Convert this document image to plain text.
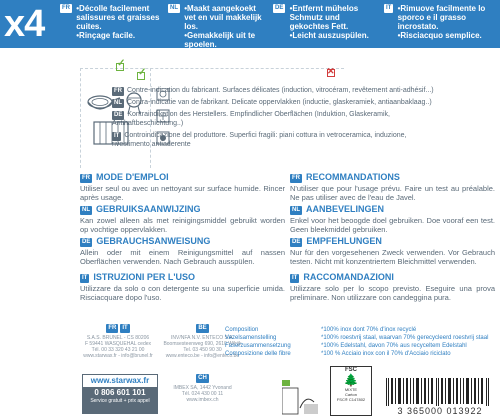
x4	FR	• Décolle facilement salissures et graisses cuites.
• Rinçage facile.
NL	• Maakt aangekoekt vet en vuil makkelijk los.
• Gemakkelijk uit te spoelen.
DE	• Entfernt mühelos Schmutz und gekochtes Fett.
• Leicht auszuspülen.
IT	• Rimuove facilmente lo sporco e il grasso incrostato.
• Risciacquo semplice.
✓
✓	✕
FR Contre-indication du fabricant. Surfaces délicates (induction, vitrocéram, revêtement anti-adhésif...)
NL Contra-indicatie van de fabrikant. Delicate oppervlakken (inductie, glaskeramiek, antiaanbaklaag..)
DE Kontraindikation des Herstellers. Empfindlicher Oberflächen (Induktion, Glaskeramik, Antihaftbeschichtung..)
IT Controindicazione del produttore. Superfici fragili: piani cottura in vetroceramica, induzione, rivestimento antiaderente
FR MODE D'EMPLOI
Utiliser seul ou avec un nettoyant sur surface humide. Rincer après usage.
FR RECOMMANDATIONS
N'utiliser que pour l'usage prévu. Faire un test au préalable. Ne pas utiliser avec de l'eau de Javel.
NL GEBRUIKSAANWIJZING
Kan zowel alleen als met reinigingsmiddel gebruikt worden op vochtige oppervlakken.
NL AANBEVELINGEN
Enkel voor het beoogde doel gebruiken. Doe vooraf een test. Geen bleekmiddel gebruiken.
DE GEBRAUCHSANWEISUNG
Allein oder mit einem Reinigungsmittel auf nassen Oberflächen verwenden. Nach Gebrauch ausspülen.
DE EMPFEHLUNGEN
Nur für den vorgesehenen Zweck verwenden. Vor Gebrauch testen. Nicht mit konzentriertem Bleichmittel verwenden.
IT ISTRUZIONI PER L'USO
Utilizzare da solo o con detergente su una superficie umida. Risciacquare dopo l'uso.
IT RACCOMANDAZIONI
Utilizzare solo per lo scopo previsto. Eseguire una prova preliminare. Non utilizzare con candeggina pura.
FR IT
S.A.S. BRUNEL - CS 80206
F 59441 WASQUEHAL cedex
Tél. 00 33 320 43 21 00
www.starwax.fr - info@brunel.fr
BE
INV/NFA N.V. ENTECO S.A.
Boomsesteenweg 690, 2610 Wilrijk
Tel. 03 450 90 30
www.enteco.be - info@enteco.be
CH
IMBEX SA, 1442 Yvonand
Tél. 024 430 00 11
www.imbex.ch
www.starwax.fr
0 806 601 101
Service gratuit + prix appel
Composition	*100% inox dont 70% d'inox recyclé
Vezelsamenstelling	*100% roestvrij staal, waarvan 70% gerecycleerd roestvrij staal
Faserzusammensetzung	*100% Edelstahl, davon 70% aus recyceltem Edelstahl
Composizione delle fibre	*100 % Acciaio inox con il 70% d'Acciaio riciclato
FSC
🌲
MIXTE
Carton
FSC® C147802
3 365000 013922
